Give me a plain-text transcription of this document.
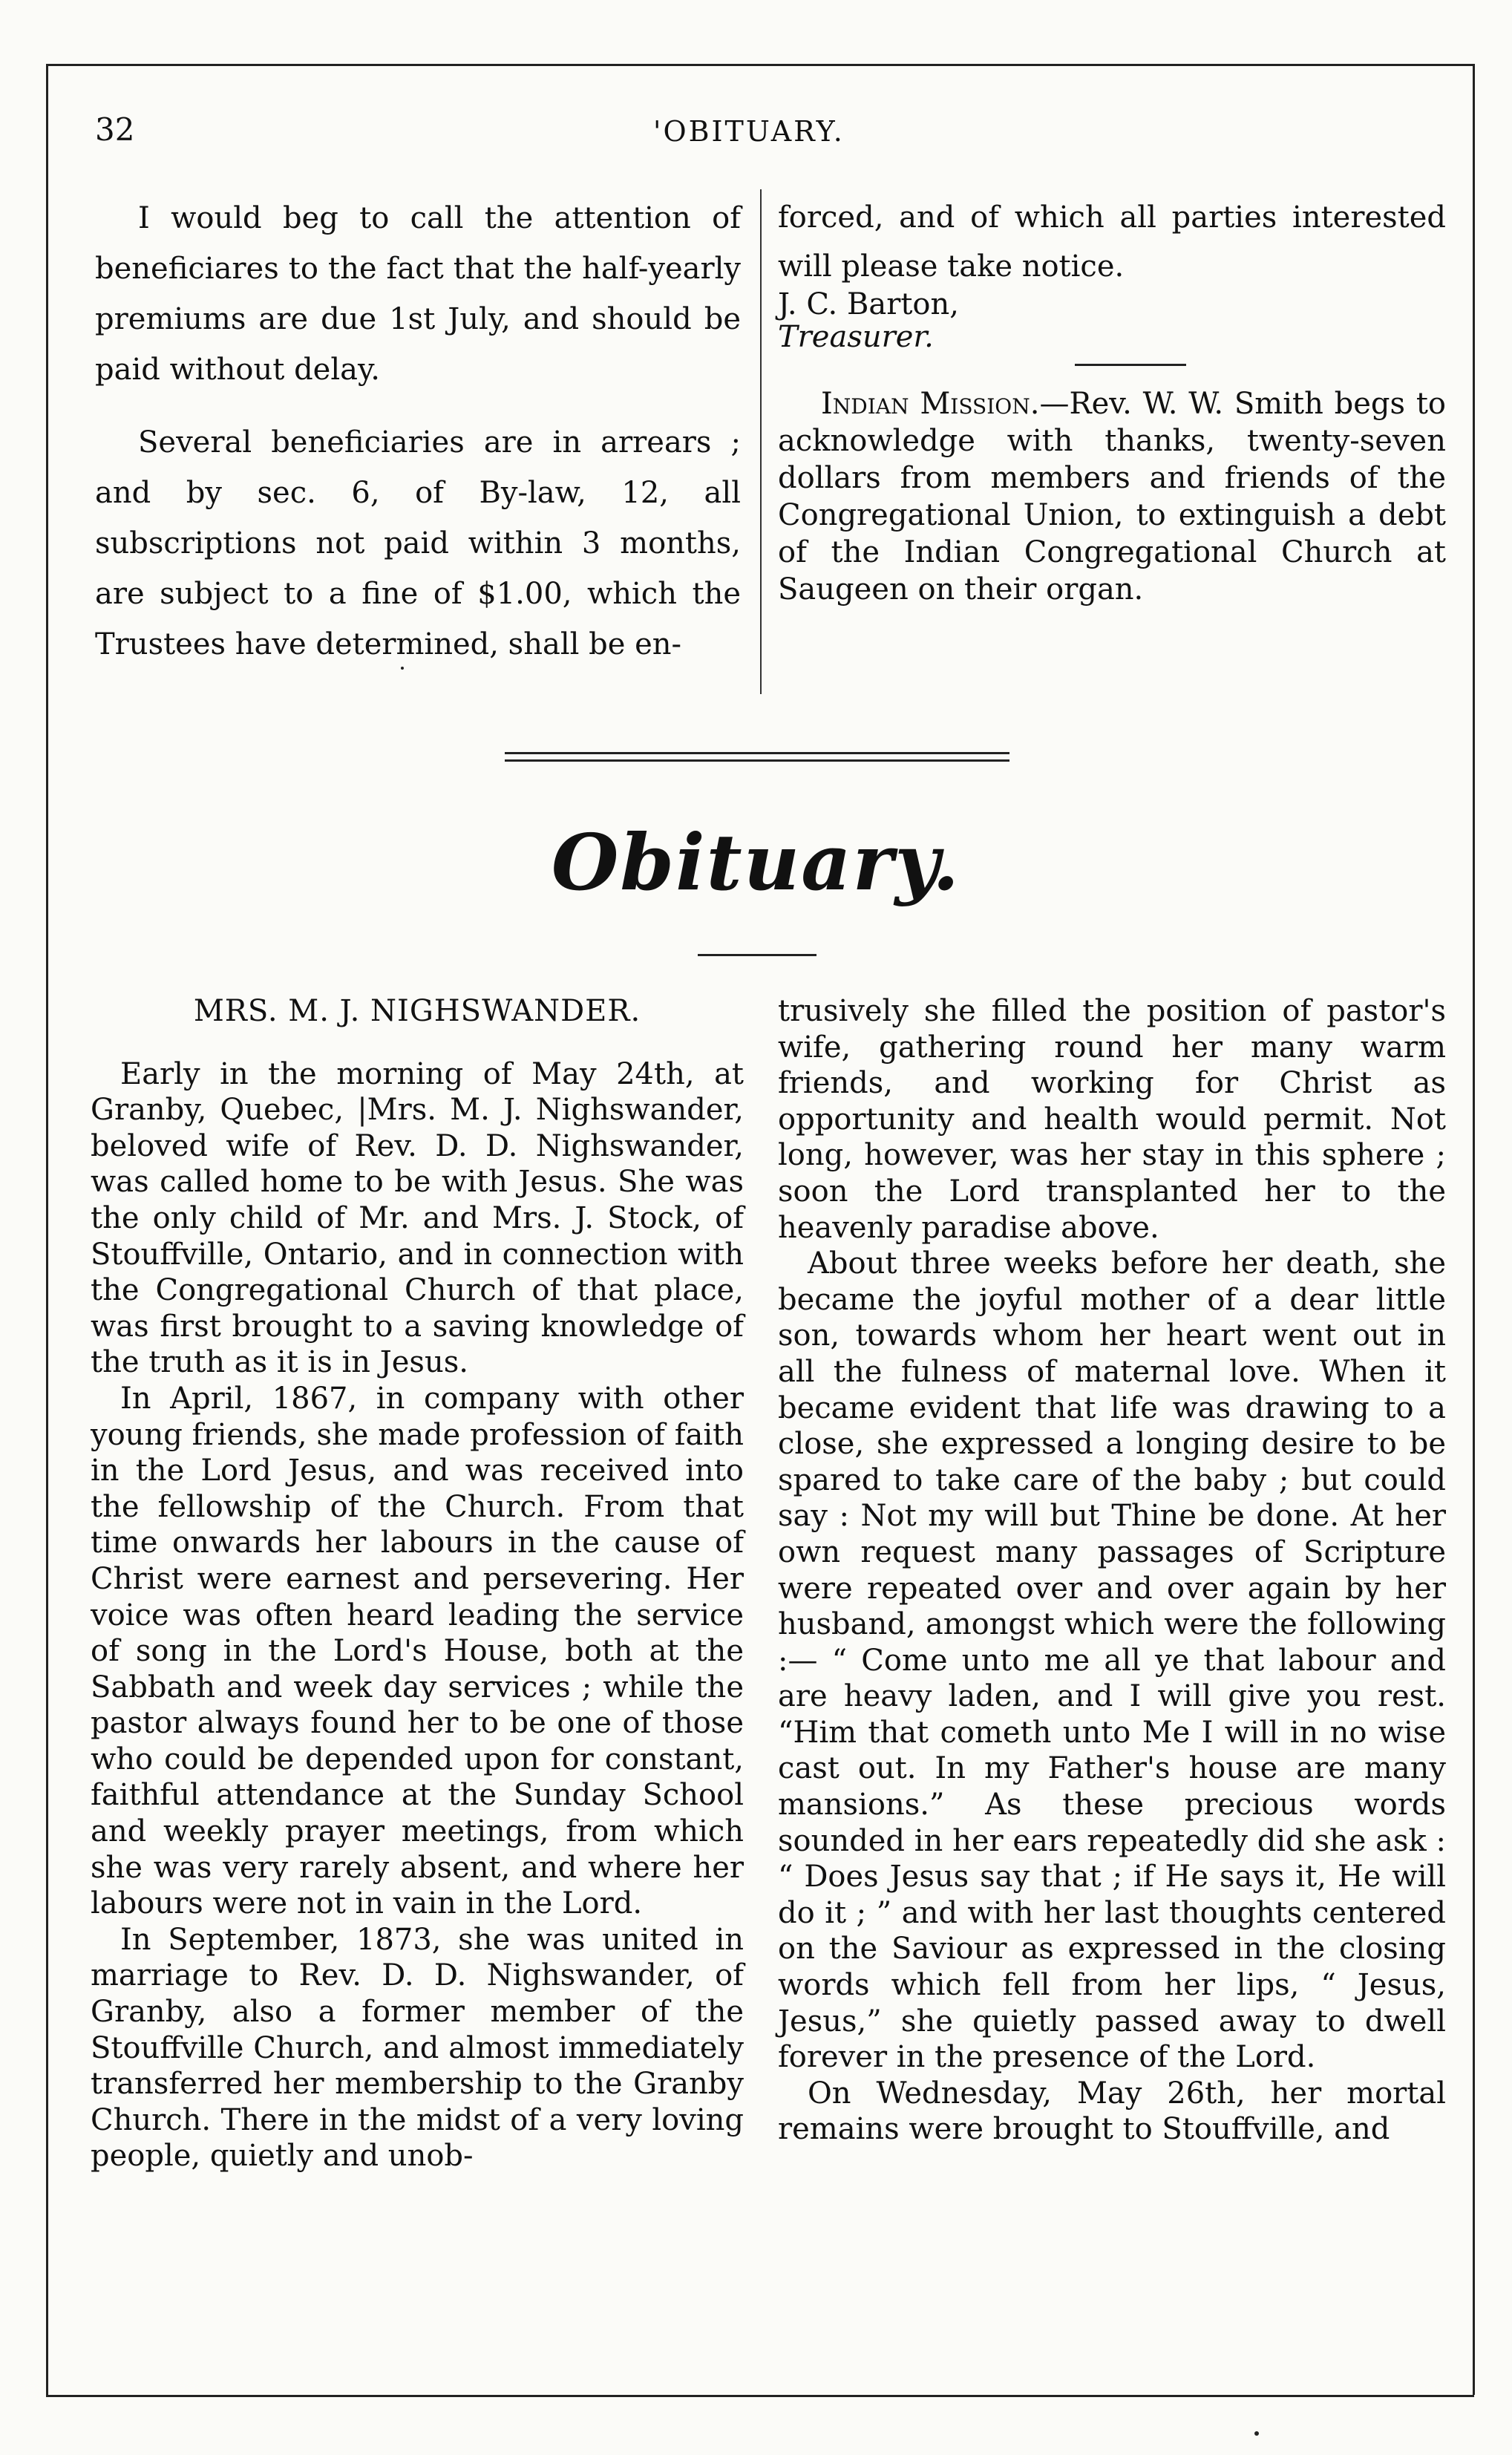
32	'OBITUARY.

I would beg to call the attention of beneficiares to the fact that the half-yearly premiums are due 1st July, and should be paid without delay.

Several beneficiaries are in arrears ; and by sec. 6, of By-law, 12, all subscriptions not paid within 3 months, are subject to a fine of $1.00, which the Trustees have determined, shall be en-

forced, and of which all parties interested will please take notice.

J. C. Barton,

Treasurer.

Indian Mission.—Rev. W. W. Smith begs to acknowledge with thanks, twenty-seven dollars from members and friends of the Congregational Union, to extinguish a debt of the Indian Congregational Church at Saugeen on their organ.

Obituary.

MRS. M. J. NIGHSWANDER.

Early in the morning of May 24th, at Granby, Quebec, |Mrs. M. J. Nighswander, beloved wife of Rev. D. D. Nighswander, was called home to be with Jesus. She was the only child of Mr. and Mrs. J. Stock, of Stouffville, Ontario, and in connection with the Congregational Church of that place, was first brought to a saving knowledge of the truth as it is in Jesus.

In April, 1867, in company with other young friends, she made profession of faith in the Lord Jesus, and was received into the fellowship of the Church. From that time onwards her labours in the cause of Christ were earnest and persevering. Her voice was often heard leading the service of song in the Lord's House, both at the Sabbath and week day services ; while the pastor always found her to be one of those who could be depended upon for constant, faithful attendance at the Sunday School and weekly prayer meetings, from which she was very rarely absent, and where her labours were not in vain in the Lord.

In September, 1873, she was united in marriage to Rev. D. D. Nighswander, of Granby, also a former member of the Stouffville Church, and almost immediately transferred her membership to the Granby Church. There in the midst of a very loving people, quietly and unob-

trusively she filled the position of pastor's wife, gathering round her many warm friends, and working for Christ as opportunity and health would permit. Not long, however, was her stay in this sphere ; soon the Lord transplanted her to the heavenly paradise above.

About three weeks before her death, she became the joyful mother of a dear little son, towards whom her heart went out in all the fulness of maternal love. When it became evident that life was drawing to a close, she expressed a longing desire to be spared to take care of the baby ; but could say : Not my will but Thine be done. At her own request many passages of Scripture were repeated over and over again by her husband, amongst which were the following :— “ Come unto me all ye that labour and are heavy laden, and I will give you rest. “Him that cometh unto Me I will in no wise cast out. In my Father's house are many mansions.” As these precious words sounded in her ears repeatedly did she ask : “ Does Jesus say that ; if He says it, He will do it ; ” and with her last thoughts centered on the Saviour as expressed in the closing words which fell from her lips, “ Jesus, Jesus,” she quietly passed away to dwell forever in the presence of the Lord.

On Wednesday, May 26th, her mortal remains were brought to Stouffville, and
